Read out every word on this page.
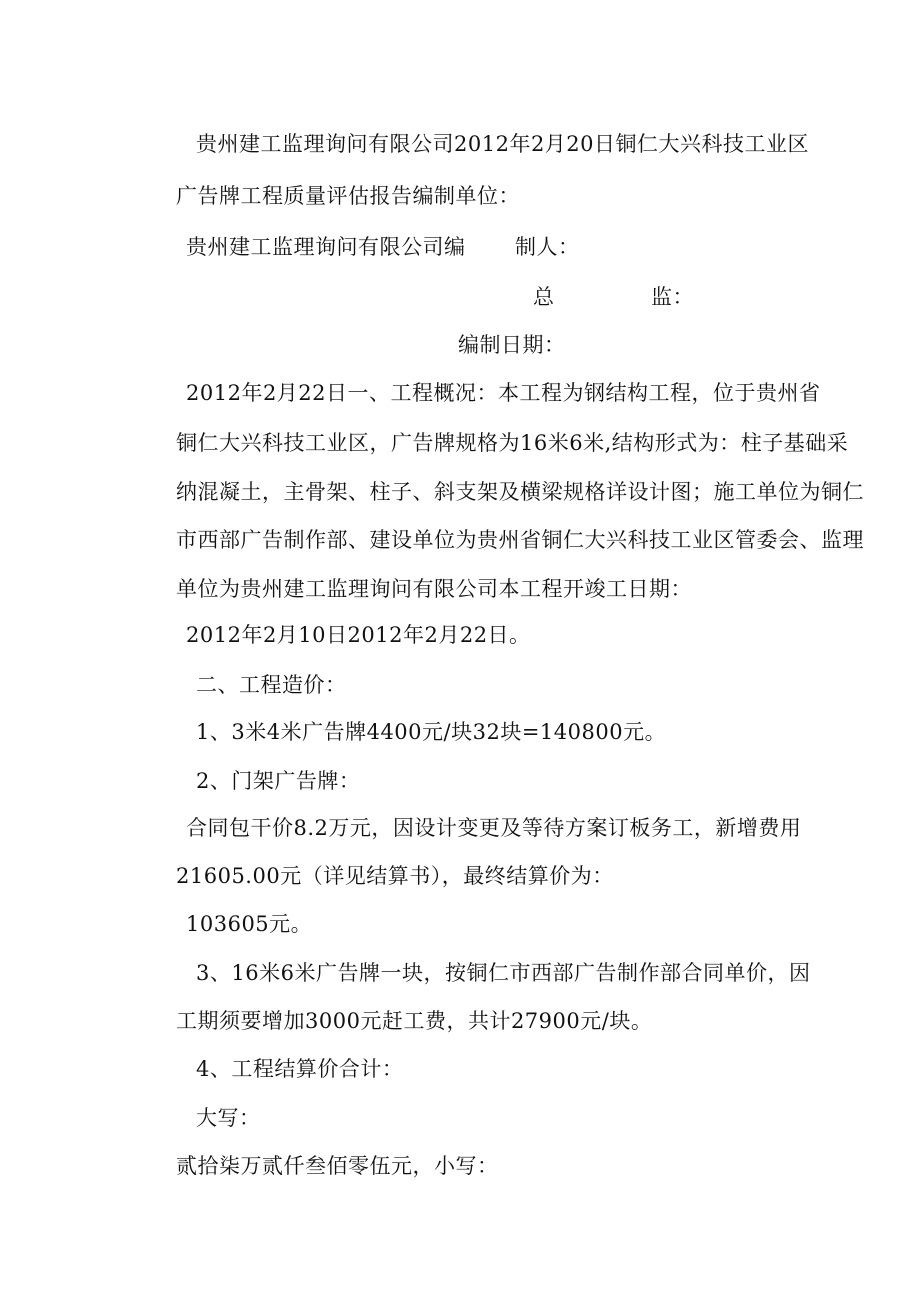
贵州建工监理询问有限公司2012年2月20日铜仁大兴科技工业区
广告牌工程质量评估报告编制单位：
贵州建工监理询问有限公司编 制人：
总	监：
编制日期：
2012年2月22日一、工程概况：本工程为钢结构工程，位于贵州省
铜仁大兴科技工业区，广告牌规格为16米6米,结构形式为：柱子基础采
纳混凝土，主骨架、柱子、斜支架及横梁规格详设计图；施工单位为铜仁
市西部广告制作部、建设单位为贵州省铜仁大兴科技工业区管委会、监理
单位为贵州建工监理询问有限公司本工程开竣工日期：
2012年2月10日2012年2月22日。
二、工程造价：
1、3米4米广告牌4400元/块32块=140800元。
2、门架广告牌：
合同包干价8.2万元，因设计变更及等待方案订板务工，新增费用
21605.00元（详见结算书），最终结算价为：
103605元。
3、16米6米广告牌一块，按铜仁市西部广告制作部合同单价，因
工期须要增加3000元赶工费，共计27900元/块。
4、工程结算价合计：
大写：
贰拾柒万贰仟叁佰零伍元，小写：
